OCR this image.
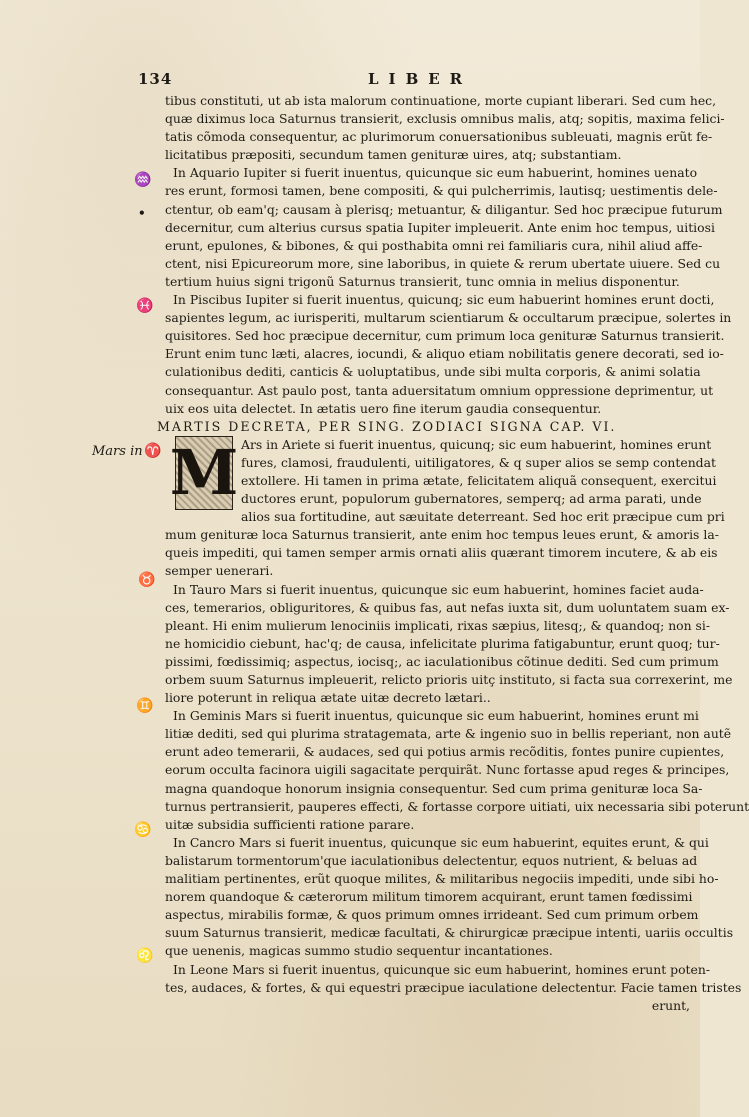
134	LIBER
♒
•
♓
Mars in ♈
♉
♊
♋
♌
tibus constituti, ut ab ista malorum continuatione, morte cupiant liberari. Sed cum hec,
quæ diximus loca Saturnus transierit, exclusis omnibus malis, atq; sopitis, maxima felici-
tatis cõmoda consequentur, ac plurimorum conuersationibus subleuati, magnis erũt fe-
licitatibus præpositi, secundum tamen genituræ uires, atq; substantiam.
In Aquario Iupiter si fuerit inuentus, quicunque sic eum habuerint, homines uenato
res erunt, formosi tamen, bene compositi, & qui pulcherrimis, lautisq; uestimentis dele-
ctentur, ob eam'q; causam à plerisq; metuantur, & diligantur. Sed hoc præcipue futurum
decernitur, cum alterius cursus spatia Iupiter impleuerit. Ante enim hoc tempus, uitiosi
erunt, epulones, & bibones, & qui posthabita omni rei familiaris cura, nihil aliud affe-
ctent, nisi Epicureorum more, sine laboribus, in quiete & rerum ubertate uiuere. Sed cu
tertium huius signi trigonũ Saturnus transierit, tunc omnia in melius disponentur.
In Piscibus Iupiter si fuerit inuentus, quicunq; sic eum habuerint homines erunt docti,
sapientes legum, ac iurisperiti, multarum scientiarum & occultarum præcipue, solertes in
quisitores. Sed hoc præcipue decernitur, cum primum loca genituræ Saturnus transierit.
Erunt enim tunc læti, alacres, iocundi, & aliquo etiam nobilitatis genere decorati, sed io-
culationibus dediti, canticis & uoluptatibus, unde sibi multa corporis, & animi solatia
consequantur. Ast paulo post, tanta aduersitatum omnium oppressione deprimentur, ut
uix eos uita delectet. In ætatis uero fine iterum gaudia consequentur.
MARTIS DECRETA, PER SING. ZODIACI SIGNA CAP. VI.
M Ars in Ariete si fuerit inuentus, quicunq; sic eum habuerint, homines erunt
fures, clamosi, fraudulenti, uitiligatores, & q super alios se semp contendat
extollere. Hi tamen in prima ætate, felicitatem aliquã consequent, exercitui
ductores erunt, populorum gubernatores, semperq; ad arma parati, unde
alios sua fortitudine, aut sæuitate deterreant. Sed hoc erit præcipue cum pri
mum genituræ loca Saturnus transierit, ante enim hoc tempus leues erunt, & amoris la-
queis impediti, qui tamen semper armis ornati aliis quærant timorem incutere, & ab eis
semper uenerari.
In Tauro Mars si fuerit inuentus, quicunque sic eum habuerint, homines faciet auda-
ces, temerarios, obliguritores, & quibus fas, aut nefas iuxta sit, dum uoluntatem suam ex-
pleant. Hi enim mulierum lenociniis implicati, rixas sæpius, litesq;, & quandoq; non si-
ne homicidio ciebunt, hac'q; de causa, infelicitate plurima fatigabuntur, erunt quoq; tur-
pissimi, fœdissimiq; aspectus, iocisq;, ac iaculationibus cõtinue dediti. Sed cum primum
orbem suum Saturnus impleuerit, relicto prioris uitç instituto, si facta sua correxerint, me
liore poterunt in reliqua ætate uitæ decreto lætari..
In Geminis Mars si fuerit inuentus, quicunque sic eum habuerint, homines erunt mi
litiæ dediti, sed qui plurima stratagemata, arte & ingenio suo in bellis reperiant, non autẽ
erunt adeo temerarii, & audaces, sed qui potius armis recõditis, fontes punire cupientes,
eorum occulta facinora uigili sagacitate perquirãt. Nunc fortasse apud reges & principes,
magna quandoque honorum insignia consequentur. Sed cum prima genituræ loca Sa-
turnus pertransierit, pauperes effecti, & fortasse corpore uitiati, uix necessaria sibi poterunt
uitæ subsidia sufficienti ratione parare.
In Cancro Mars si fuerit inuentus, quicunque sic eum habuerint, equites erunt, & qui
balistarum tormentorum'que iaculationibus delectentur, equos nutrient, & beluas ad
malitiam pertinentes, erũt quoque milites, & militaribus negociis impediti, unde sibi ho-
norem quandoque & cæterorum militum timorem acquirant, erunt tamen fœdissimi
aspectus, mirabilis formæ, & quos primum omnes irrideant. Sed cum primum orbem
suum Saturnus transierit, medicæ facultati, & chirurgicæ præcipue intenti, uariis occultis
que uenenis, magicas summo studio sequentur incantationes.
In Leone Mars si fuerit inuentus, quicunque sic eum habuerint, homines erunt poten-
tes, audaces, & fortes, & qui equestri præcipue iaculatione delectentur. Facie tamen tristes
erunt,
